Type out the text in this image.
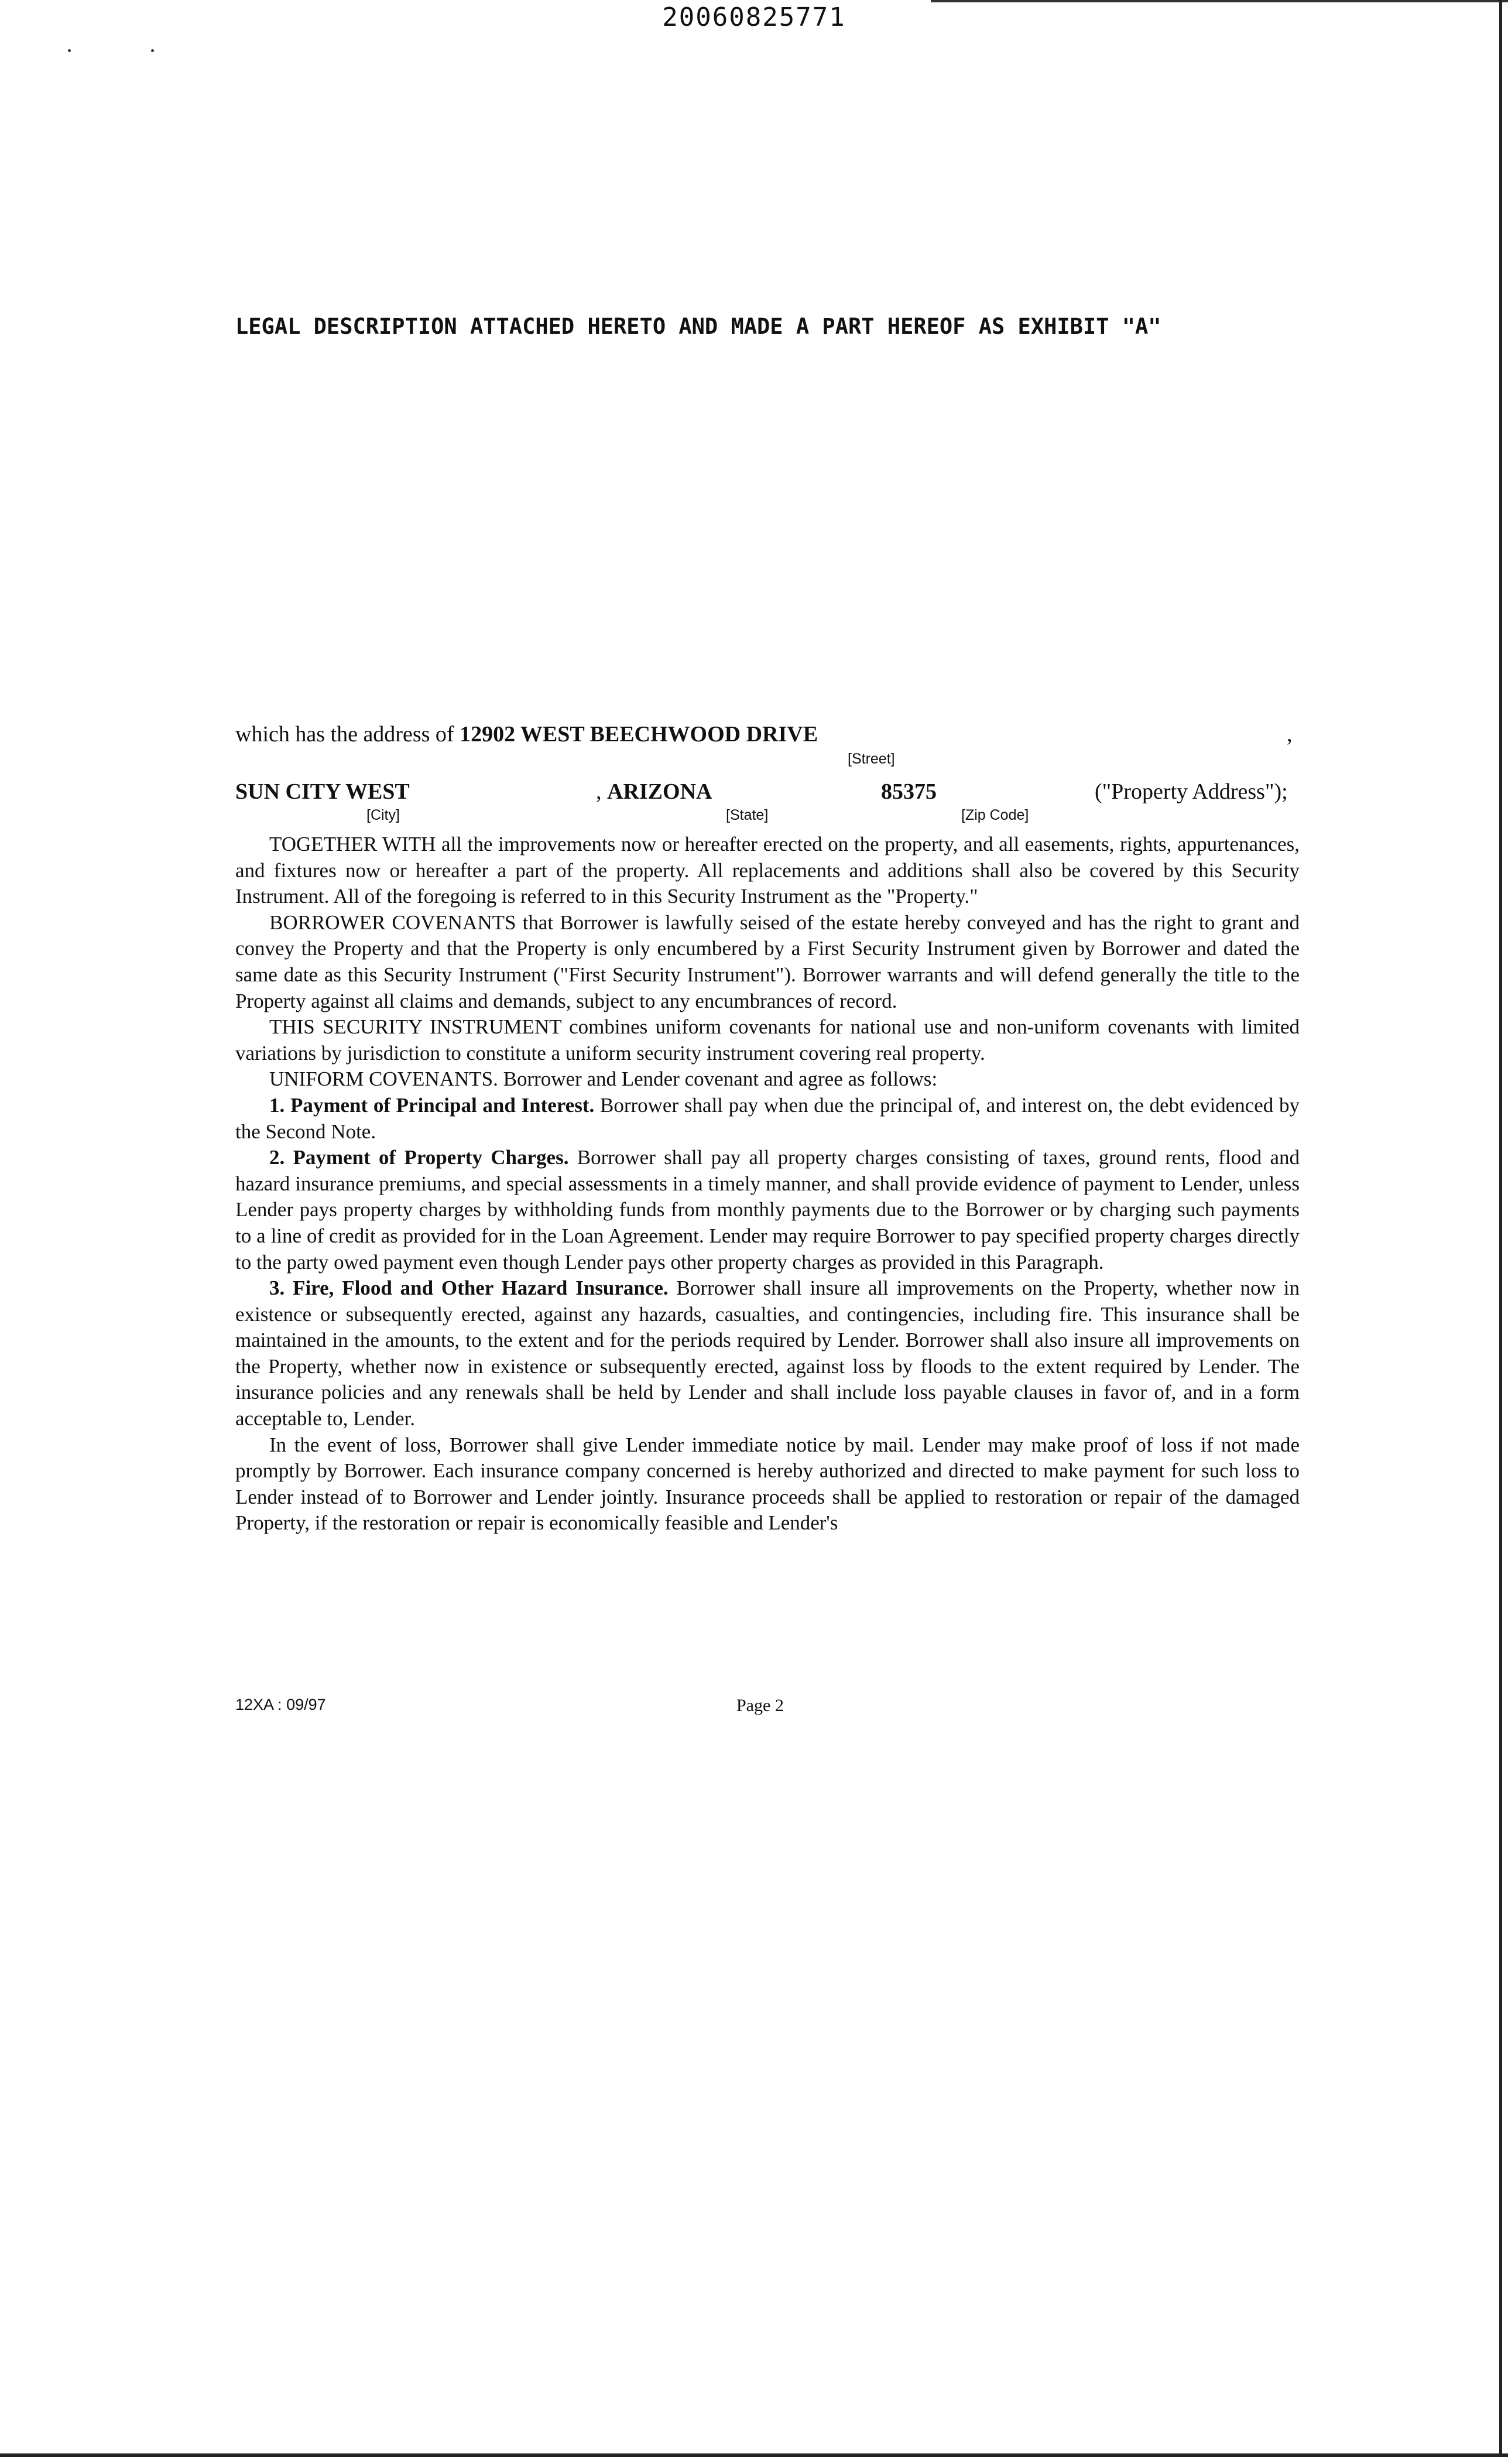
20060825771
LEGAL DESCRIPTION ATTACHED HERETO AND MADE A PART HEREOF AS EXHIBIT "A"
which has the address of 12902 WEST BEECHWOOD DRIVE	,
[Street]
SUN CITY WEST	, ARIZONA	85375	("Property Address");
[City]	[State]	[Zip Code]

TOGETHER WITH all the improvements now or hereafter erected on the property, and all easements, rights, appurtenances, and fixtures now or hereafter a part of the property. All replacements and additions shall also be covered by this Security Instrument. All of the foregoing is referred to in this Security Instrument as the "Property."

BORROWER COVENANTS that Borrower is lawfully seised of the estate hereby conveyed and has the right to grant and convey the Property and that the Property is only encumbered by a First Security Instrument given by Borrower and dated the same date as this Security Instrument ("First Security Instrument"). Borrower warrants and will defend generally the title to the Property against all claims and demands, subject to any encumbrances of record.

THIS SECURITY INSTRUMENT combines uniform covenants for national use and non-uniform covenants with limited variations by jurisdiction to constitute a uniform security instrument covering real property.

UNIFORM COVENANTS. Borrower and Lender covenant and agree as follows:

1. Payment of Principal and Interest. Borrower shall pay when due the principal of, and interest on, the debt evidenced by the Second Note.

2. Payment of Property Charges. Borrower shall pay all property charges consisting of taxes, ground rents, flood and hazard insurance premiums, and special assessments in a timely manner, and shall provide evidence of payment to Lender, unless Lender pays property charges by withholding funds from monthly payments due to the Borrower or by charging such payments to a line of credit as provided for in the Loan Agreement. Lender may require Borrower to pay specified property charges directly to the party owed payment even though Lender pays other property charges as provided in this Paragraph.

3. Fire, Flood and Other Hazard Insurance. Borrower shall insure all improvements on the Property, whether now in existence or subsequently erected, against any hazards, casualties, and contingencies, including fire. This insurance shall be maintained in the amounts, to the extent and for the periods required by Lender. Borrower shall also insure all improvements on the Property, whether now in existence or subsequently erected, against loss by floods to the extent required by Lender. The insurance policies and any renewals shall be held by Lender and shall include loss payable clauses in favor of, and in a form acceptable to, Lender.

In the event of loss, Borrower shall give Lender immediate notice by mail. Lender may make proof of loss if not made promptly by Borrower. Each insurance company concerned is hereby authorized and directed to make payment for such loss to Lender instead of to Borrower and Lender jointly. Insurance proceeds shall be applied to restoration or repair of the damaged Property, if the restoration or repair is economically feasible and Lender's

12XA : 09/97	Page 2
